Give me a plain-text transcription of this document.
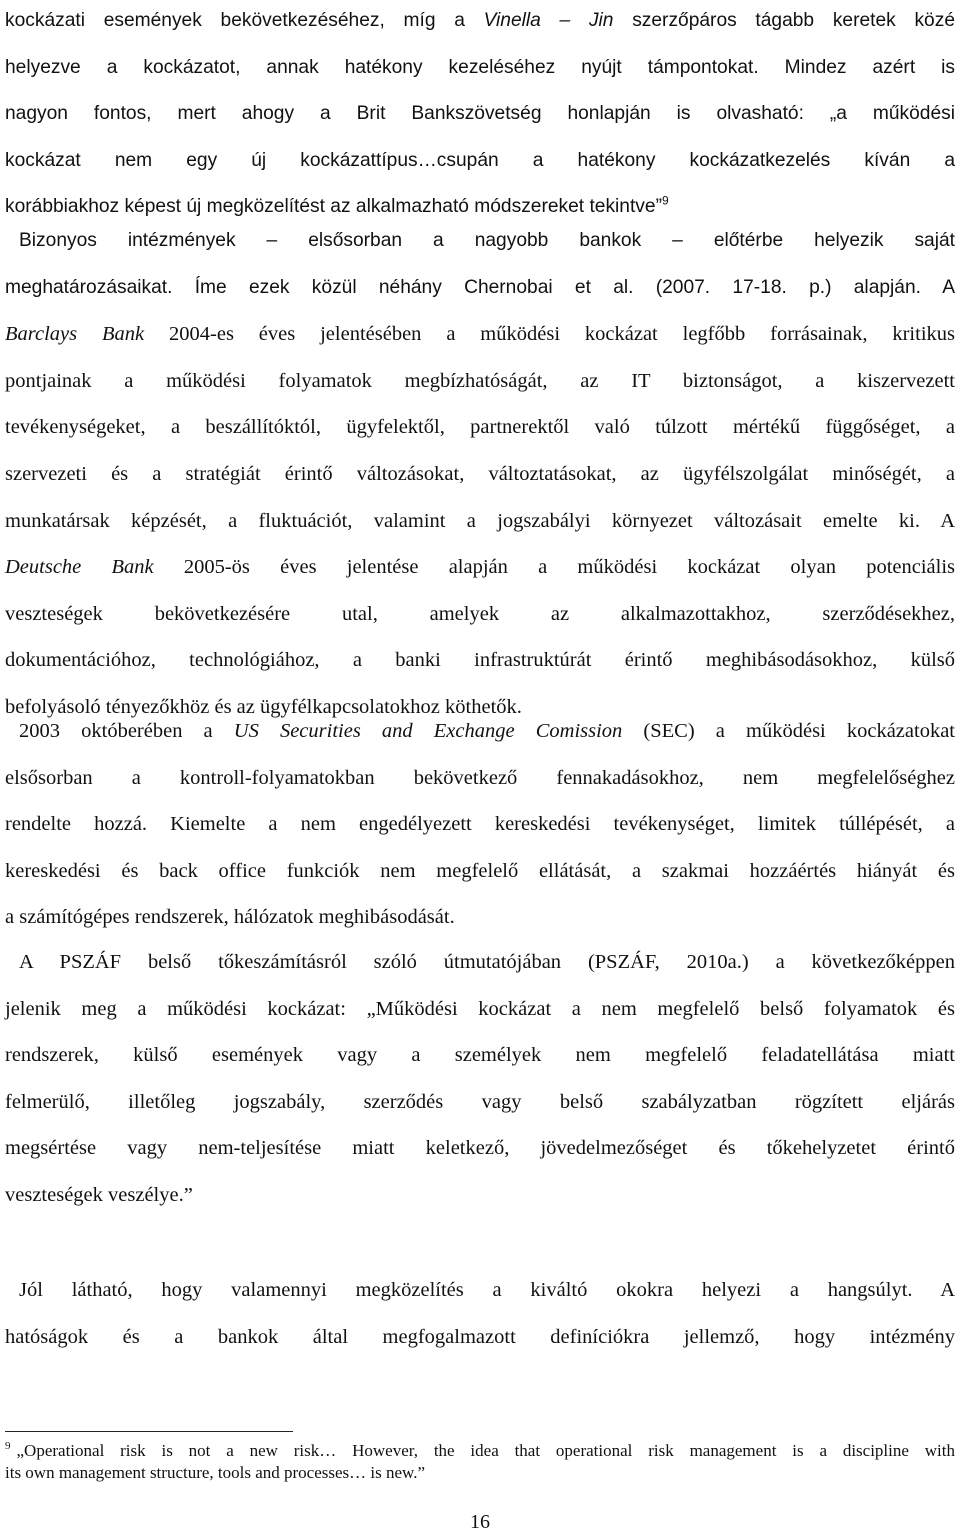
kockázati események bekövetkezéséhez, míg a Vinella – Jin szerzőpáros tágabb keretek közé
helyezve a kockázatot, annak hatékony kezeléséhez nyújt támpontokat. Mindez azért is
nagyon fontos, mert ahogy a Brit Bankszövetség honlapján is olvasható: „a működési
kockázat nem egy új kockázattípus…csupán a hatékony kockázatkezelés kíván a
korábbiakhoz képest új megközelítést az alkalmazható módszereket tekintve”$^9$
Bizonyos intézmények – elsősorban a nagyobb bankok – előtérbe helyezik saját
meghatározásaikat. Íme ezek közül néhány Chernobai et al. (2007. 17-18. p.) alapján. A
Barclays Bank 2004-es éves jelentésében a működési kockázat legfőbb forrásainak, kritikus
pontjainak a működési folyamatok megbízhatóságát, az IT biztonságot, a kiszervezett
tevékenységeket, a beszállítóktól, ügyfelektől, partnerektől való túlzott mértékű függőséget, a
szervezeti és a stratégiát érintő változásokat, változtatásokat, az ügyfélszolgálat minőségét, a
munkatársak képzését, a fluktuációt, valamint a jogszabályi környezet változásait emelte ki. A
Deutsche Bank 2005-ös éves jelentése alapján a működési kockázat olyan potenciális
veszteségek bekövetkezésére utal, amelyek az alkalmazottakhoz, szerződésekhez,
dokumentációhoz, technológiához, a banki infrastruktúrát érintő meghibásodásokhoz, külső
befolyásoló tényezőkhöz és az ügyfélkapcsolatokhoz köthetők.
2003 októberében a US Securities and Exchange Comission (SEC) a működési kockázatokat
elsősorban a kontroll-folyamatokban bekövetkező fennakadásokhoz, nem megfelelőséghez
rendelte hozzá. Kiemelte a nem engedélyezett kereskedési tevékenységet, limitek túllépését, a
kereskedési és back office funkciók nem megfelelő ellátását, a szakmai hozzáértés hiányát és
a számítógépes rendszerek, hálózatok meghibásodását.
A PSZÁF belső tőkeszámításról szóló útmutatójában (PSZÁF, 2010a.) a következőképpen
jelenik meg a működési kockázat: „Működési kockázat a nem megfelelő belső folyamatok és
rendszerek, külső események vagy a személyek nem megfelelő feladatellátása miatt
felmerülő, illetőleg jogszabály, szerződés vagy belső szabályzatban rögzített eljárás
megsértése vagy nem-teljesítése miatt keletkező, jövedelmezőséget és tőkehelyzetet érintő
veszteségek veszélye.”
Jól látható, hogy valamennyi megközelítés a kiváltó okokra helyezi a hangsúlyt. A
hatóságok és a bankok által megfogalmazott definíciókra jellemző, hogy intézmény
$^9$ „Operational risk is not a new risk… However, the idea that operational risk management is a discipline with
its own management structure, tools and processes… is new.”
16
